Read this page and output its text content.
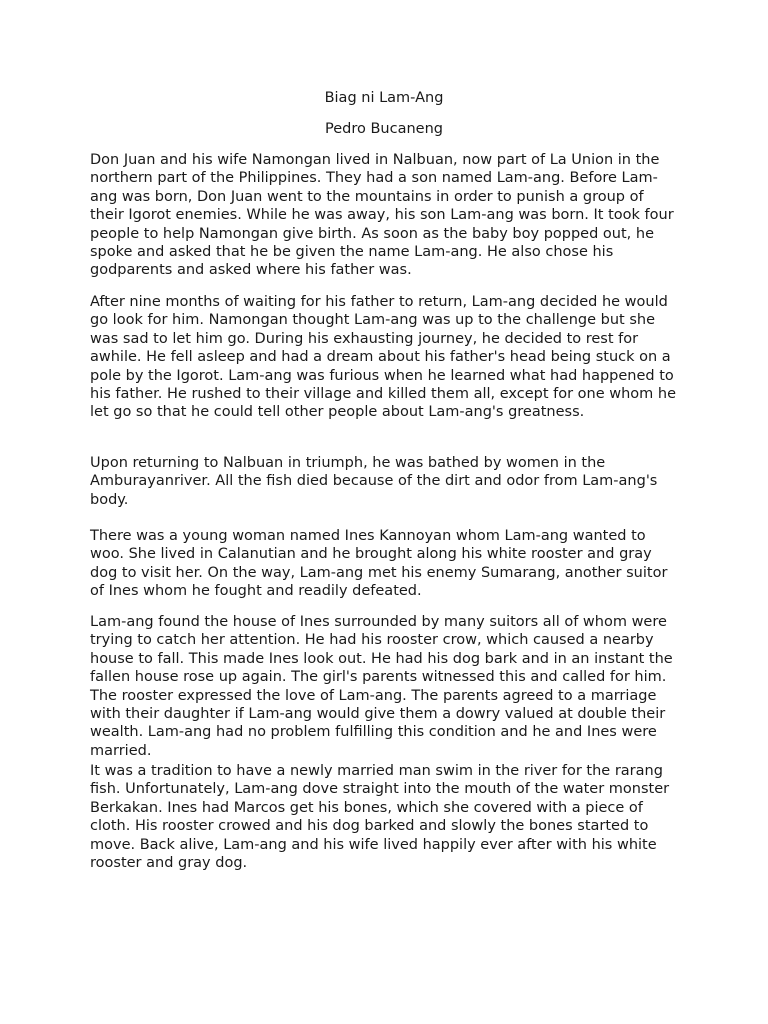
Biag ni Lam-Ang
Pedro Bucaneng

Don Juan and his wife Namongan lived in Nalbuan, now part of La Union in the northern part of the Philippines. They had a son named Lam-ang. Before Lam-ang was born, Don Juan went to the mountains in order to punish a group of their Igorot enemies. While he was away, his son Lam-ang was born. It took four people to help Namongan give birth. As soon as the baby boy popped out, he spoke and asked that he be given the name Lam-ang. He also chose his godparents and asked where his father was.

After nine months of waiting for his father to return, Lam-ang decided he would go look for him. Namongan thought Lam-ang was up to the challenge but she was sad to let him go. During his exhausting journey, he decided to rest for awhile. He fell asleep and had a dream about his father's head being stuck on a pole by the Igorot. Lam-ang was furious when he learned what had happened to his father. He rushed to their village and killed them all, except for one whom he let go so that he could tell other people about Lam-ang's greatness.

Upon returning to Nalbuan in triumph, he was bathed by women in the Amburayanriver. All the fish died because of the dirt and odor from Lam-ang's body.

There was a young woman named Ines Kannoyan whom Lam-ang wanted to woo. She lived in Calanutian and he brought along his white rooster and gray dog to visit her. On the way, Lam-ang met his enemy Sumarang, another suitor of Ines whom he fought and readily defeated.

Lam-ang found the house of Ines surrounded by many suitors all of whom were trying to catch her attention. He had his rooster crow, which caused a nearby house to fall. This made Ines look out. He had his dog bark and in an instant the fallen house rose up again. The girl's parents witnessed this and called for him. The rooster expressed the love of Lam-ang. The parents agreed to a marriage with their daughter if Lam-ang would give them a dowry valued at double their wealth. Lam-ang had no problem fulfilling this condition and he and Ines were married.

It was a tradition to have a newly married man swim in the river for the rarang fish. Unfortunately, Lam-ang dove straight into the mouth of the water monster Berkakan. Ines had Marcos get his bones, which she covered with a piece of cloth. His rooster crowed and his dog barked and slowly the bones started to move. Back alive, Lam-ang and his wife lived happily ever after with his white rooster and gray dog.
